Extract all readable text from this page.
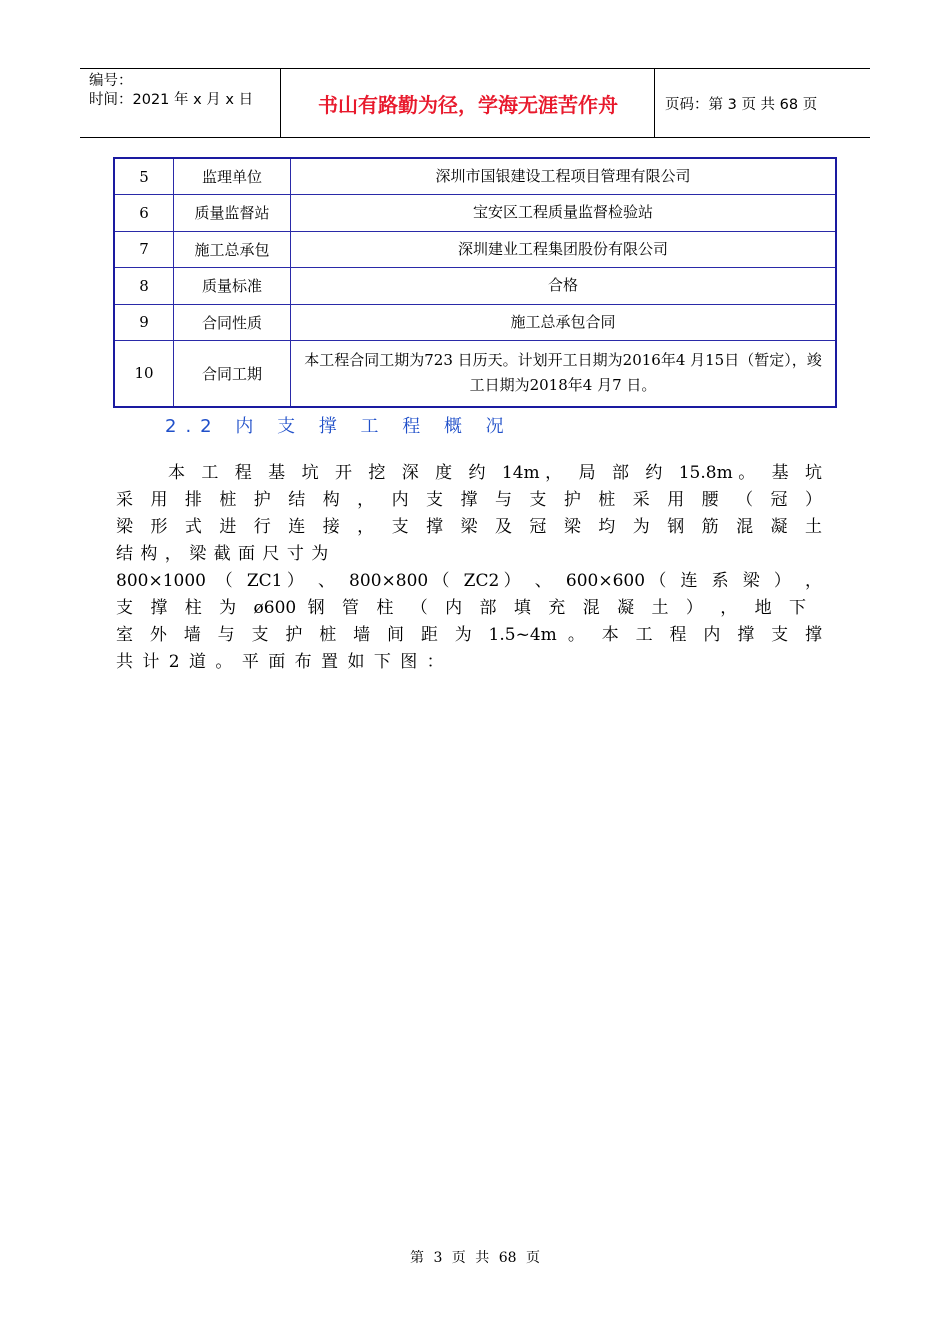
编号：
时间：2021 年 x 月 x 日	书山有路勤为径，学海无涯苦作舟	页码：第 3 页 共 68 页
5	监理单位	深圳市国银建设工程项目管理有限公司
6	质量监督站	宝安区工程质量监督检验站
7	施工总承包	深圳建业工程集团股份有限公司
8	质量标准	合格
9	合同性质	施工总承包合同
10	合同工期	本工程合同工期为723 日历天。计划开工日期为2016年4 月15日（暂定），竣工日期为2018年4 月7 日。
2.2 内 支 撑 工 程 概 况
本 工 程 基 坑 开 挖 深 度 约 14m， 局 部 约 15.8m。 基 坑
采 用 排 桩 护 结 构 ， 内 支 撑 与 支 护 桩 采 用 腰 （ 冠 ）
梁 形 式 进 行 连 接 ， 支 撑 梁 及 冠 梁 均 为 钢 筋 混 凝 土
结 构 ， 梁 截 面 尺 寸 为
800×1000 （ ZC1） 、 800×800（ ZC2） 、 600×600（ 连 系 梁 ） ，
支 撑 柱 为 ø600 钢 管 柱 （ 内 部 填 充 混 凝 土 ） ， 地 下
室 外 墙 与 支 护 桩 墙 间 距 为 1.5~4m 。 本 工 程 内 撑 支 撑
共 计 2 道 。 平 面 布 置 如 下 图 ：
第 3 页 共 68 页
